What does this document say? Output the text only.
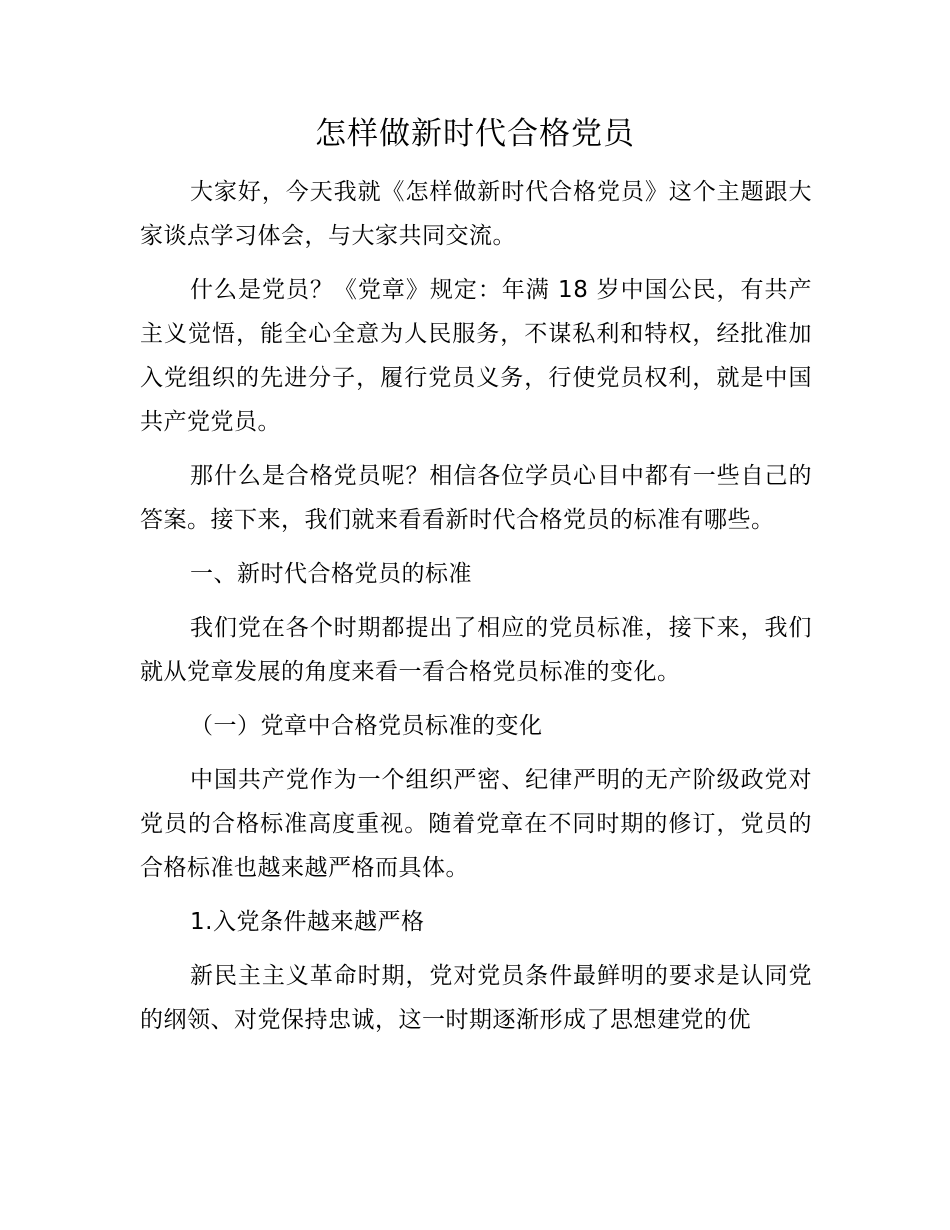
怎样做新时代合格党员

大家好，今天我就《怎样做新时代合格党员》这个主题跟大家谈点学习体会，与大家共同交流。

什么是党员？《党章》规定：年满 18 岁中国公民，有共产主义觉悟，能全心全意为人民服务，不谋私利和特权，经批准加入党组织的先进分子，履行党员义务，行使党员权利，就是中国共产党党员。

那什么是合格党员呢？相信各位学员心目中都有一些自己的答案。接下来，我们就来看看新时代合格党员的标准有哪些。

一、新时代合格党员的标准

我们党在各个时期都提出了相应的党员标准，接下来，我们就从党章发展的角度来看一看合格党员标准的变化。

（一）党章中合格党员标准的变化

中国共产党作为一个组织严密、纪律严明的无产阶级政党对党员的合格标准高度重视。随着党章在不同时期的修订，党员的合格标准也越来越严格而具体。

1.入党条件越来越严格

新民主主义革命时期，党对党员条件最鲜明的要求是认同党的纲领、对党保持忠诚，这一时期逐渐形成了思想建党的优
